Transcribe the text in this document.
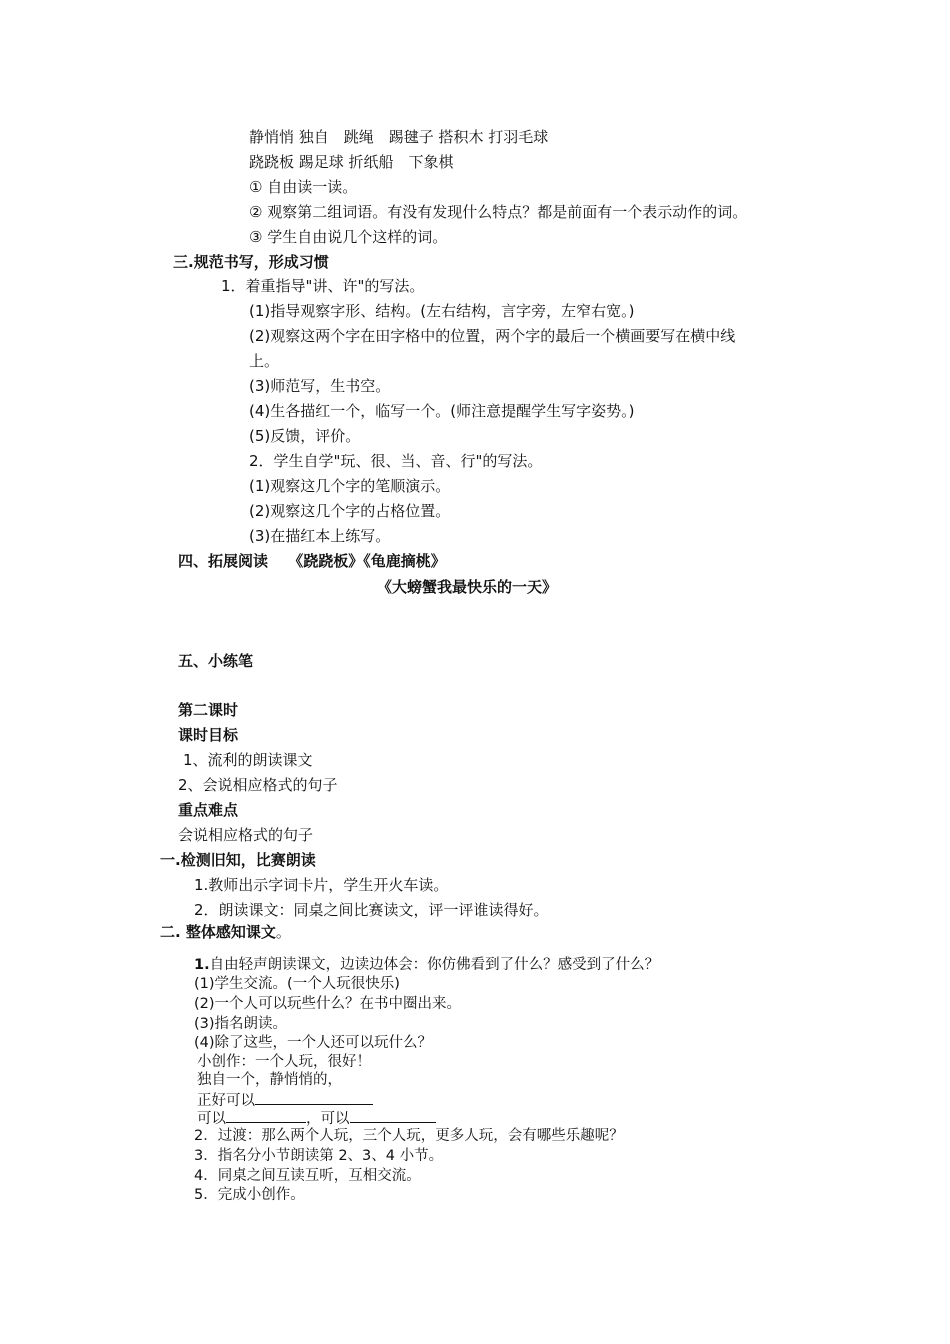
静悄悄 独自　跳绳　踢毽子 搭积木 打羽毛球
跷跷板 踢足球 折纸船　下象棋
① 自由读一读。
② 观察第二组词语。有没有发现什么特点？都是前面有一个表示动作的词。
③ 学生自由说几个这样的词。
三.规范书写，形成习惯
1．着重指导"讲、许"的写法。
(1)指导观察字形、结构。(左右结构，言字旁，左窄右宽。)
(2)观察这两个字在田字格中的位置，两个字的最后一个横画要写在横中线
上。
(3)师范写，生书空。
(4)生各描红一个，临写一个。(师注意提醒学生写字姿势。)
(5)反馈，评价。
2．学生自学"玩、很、当、音、行"的写法。
(1)观察这几个字的笔顺演示。
(2)观察这几个字的占格位置。
(3)在描红本上练写。
四、拓展阅读　 《跷跷板》《龟鹿摘桃》
《大螃蟹我最快乐的一天》
五、小练笔
第二课时
课时目标
1、流利的朗读课文
2、会说相应格式的句子
重点难点
会说相应格式的句子
一.检测旧知，比赛朗读
1.教师出示字词卡片，学生开火车读。
2．朗读课文：同桌之间比赛读文，评一评谁读得好。
二. 整体感知课文。
1.自由轻声朗读课文，边读边体会：你仿佛看到了什么？感受到了什么？
(1)学生交流。(一个人玩很快乐)
(2)一个人可以玩些什么？在书中圈出来。
(3)指名朗读。
(4)除了这些，一个人还可以玩什么？
小创作：一个人玩，很好！
独自一个，静悄悄的，
正好可以
可以	，可以
2．过渡：那么两个人玩，三个人玩，更多人玩，会有哪些乐趣呢？
3．指名分小节朗读第 2、3、4 小节。
4．同桌之间互读互听，互相交流。
5．完成小创作。
